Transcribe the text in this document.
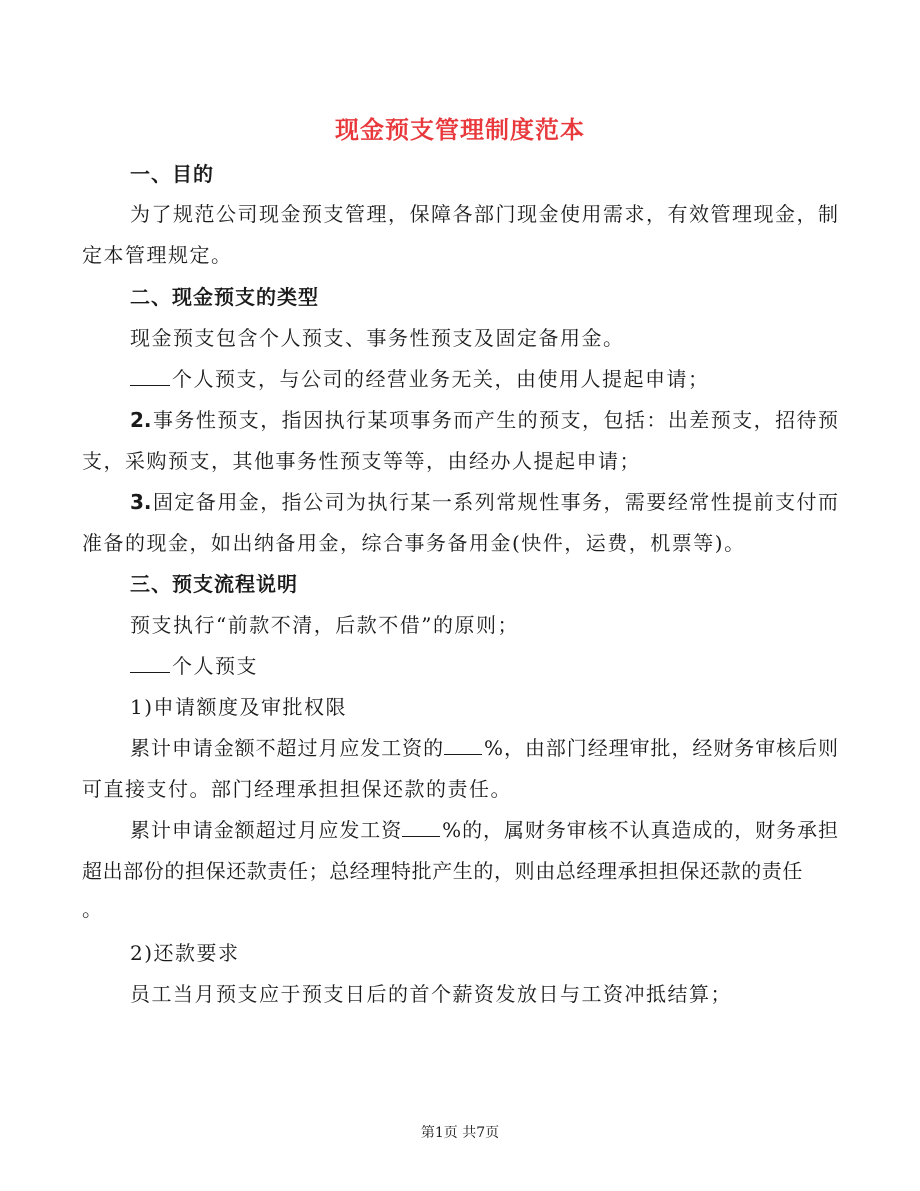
现金预支管理制度范本

一、目的

为了规范公司现金预支管理，保障各部门现金使用需求，有效管理现金，制

定本管理规定。

二、现金预支的类型

现金预支包含个人预支、事务性预支及固定备用金。

个人预支，与公司的经营业务无关，由使用人提起申请；

2.事务性预支，指因执行某项事务而产生的预支，包括：出差预支，招待预

支，采购预支，其他事务性预支等等，由经办人提起申请；

3.固定备用金，指公司为执行某一系列常规性事务，需要经常性提前支付而

准备的现金，如出纳备用金，综合事务备用金(快件，运费，机票等)。

三、预支流程说明

预支执行“前款不清，后款不借”的原则；

个人预支

1)申请额度及审批权限

累计申请金额不超过月应发工资的 %，由部门经理审批，经财务审核后则

可直接支付。部门经理承担担保还款的责任。

累计申请金额超过月应发工资 %的，属财务审核不认真造成的，财务承担

超出部份的担保还款责任；总经理特批产生的，则由总经理承担担保还款的责任

。

2)还款要求

员工当月预支应于预支日后的首个薪资发放日与工资冲抵结算；

第1页 共7页
